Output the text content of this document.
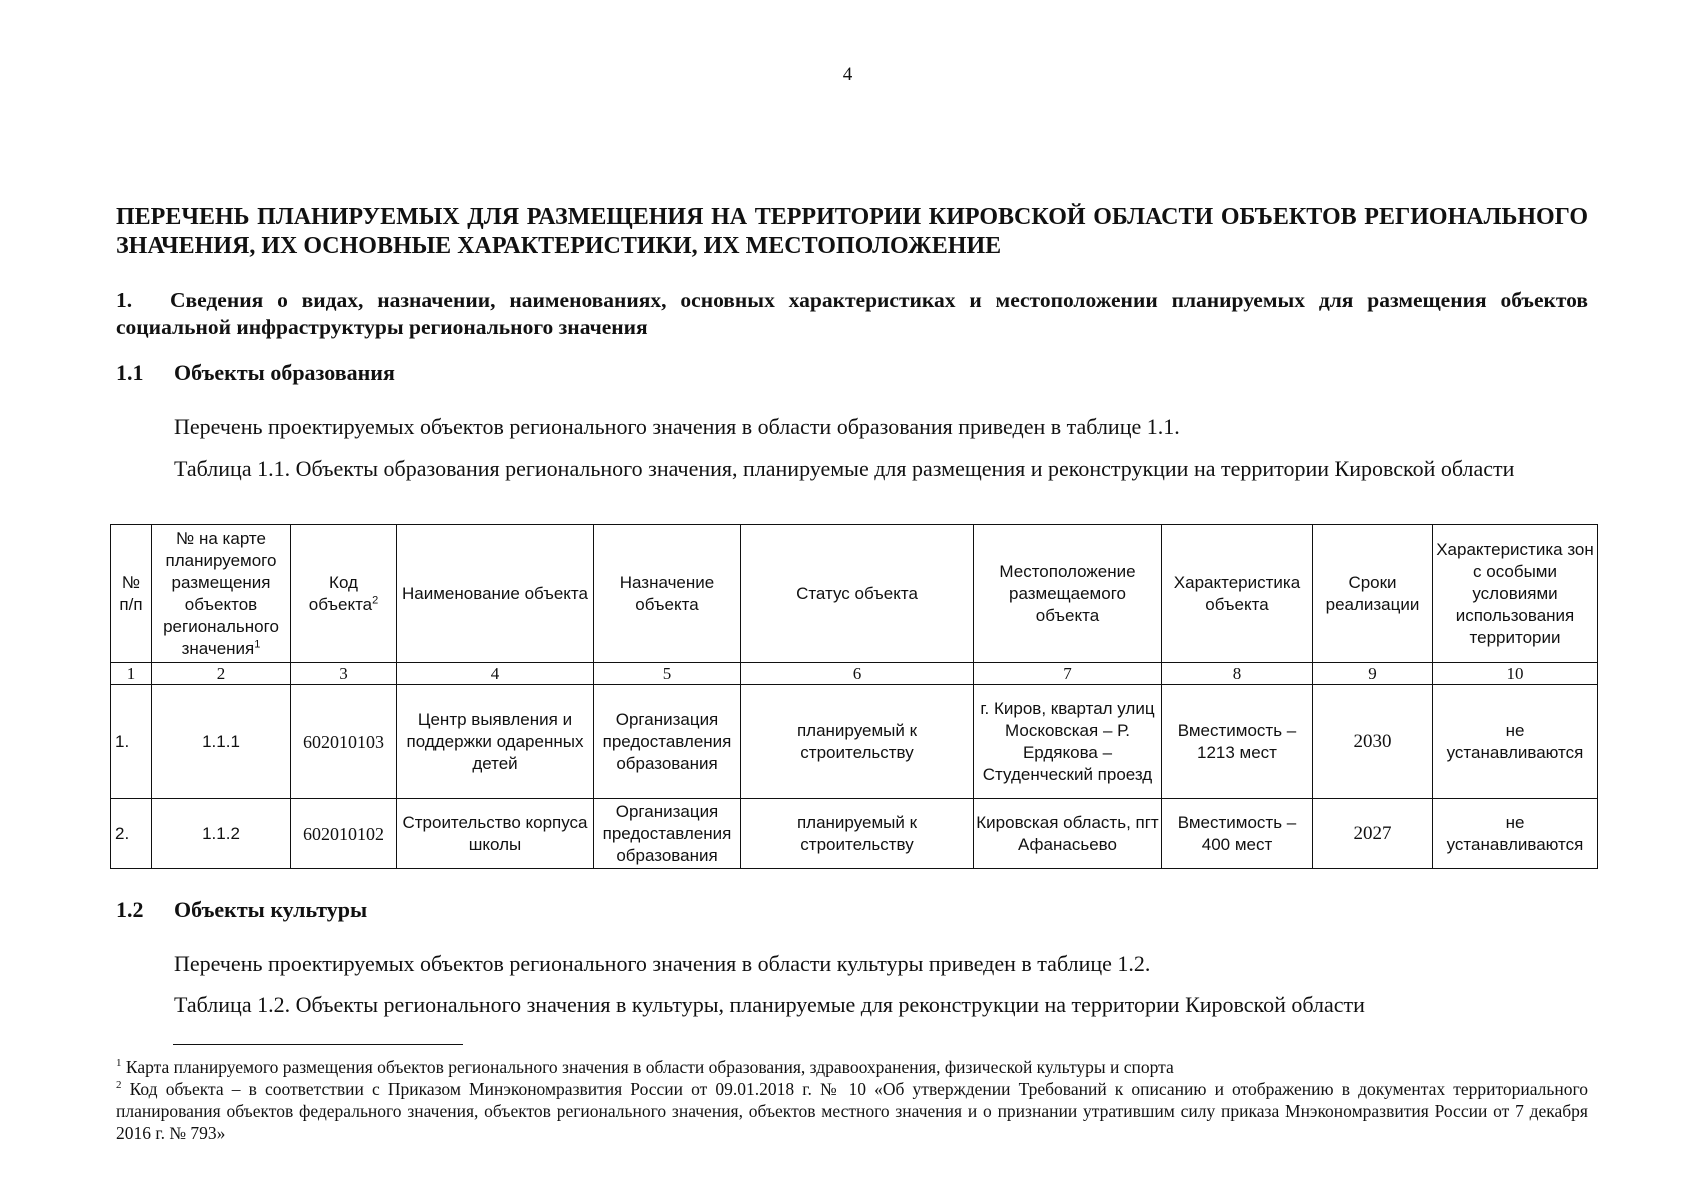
4
ПЕРЕЧЕНЬ ПЛАНИРУЕМЫХ ДЛЯ РАЗМЕЩЕНИЯ НА ТЕРРИТОРИИ КИРОВСКОЙ ОБЛАСТИ ОБЪЕКТОВ РЕГИОНАЛЬНОГО ЗНАЧЕНИЯ, ИХ ОСНОВНЫЕ ХАРАКТЕРИСТИКИ, ИХ МЕСТОПОЛОЖЕНИЕ

1. Сведения о видах, назначении, наименованиях, основных характеристиках и местоположении планируемых для размещения объектов социальной инфраструктуры регионального значения

1.1 Объекты образования

Перечень проектируемых объектов регионального значения в области образования приведен в таблице 1.1.

Таблица 1.1. Объекты образования регионального значения, планируемые для размещения и реконструкции на территории Кировской области

№ п/п	№ на карте планируемого размещения объектов регионального значения$^1$	Код объекта$^2$	Наименование объекта	Назначение объекта	Статус объекта	Местоположение размещаемого объекта	Характеристика объекта	Сроки реализации	Характеристика зон с особыми условиями использования территории
1	2	3	4	5	6	7	8	9	10
1.	1.1.1	602010103	Центр выявления и поддержки одаренных детей	Организация предоставления образования	планируемый к строительству	г. Киров, квартал улиц Московская – Р. Ердякова – Студенческий проезд	Вместимость – 1213 мест	2030	не устанавливаются
2.	1.1.2	602010102	Строительство корпуса школы	Организация предоставления образования	планируемый к строительству	Кировская область, пгт Афанасьево	Вместимость – 400 мест	2027	не устанавливаются
1.2 Объекты культуры

Перечень проектируемых объектов регионального значения в области культуры приведен в таблице 1.2.

Таблица 1.2. Объекты регионального значения в культуры, планируемые для реконструкции на территории Кировской области

$^1$ Карта планируемого размещения объектов регионального значения в области образования, здравоохранения, физической культуры и спорта

$^2$ Код объекта – в соответствии с Приказом Минэкономразвития России от 09.01.2018 г. № 10 «Об утверждении Требований к описанию и отображению в документах территориального планирования объектов федерального значения, объектов регионального значения, объектов местного значения и о признании утратившим силу приказа Мнэкономразвития России от 7 декабря 2016 г. № 793»
